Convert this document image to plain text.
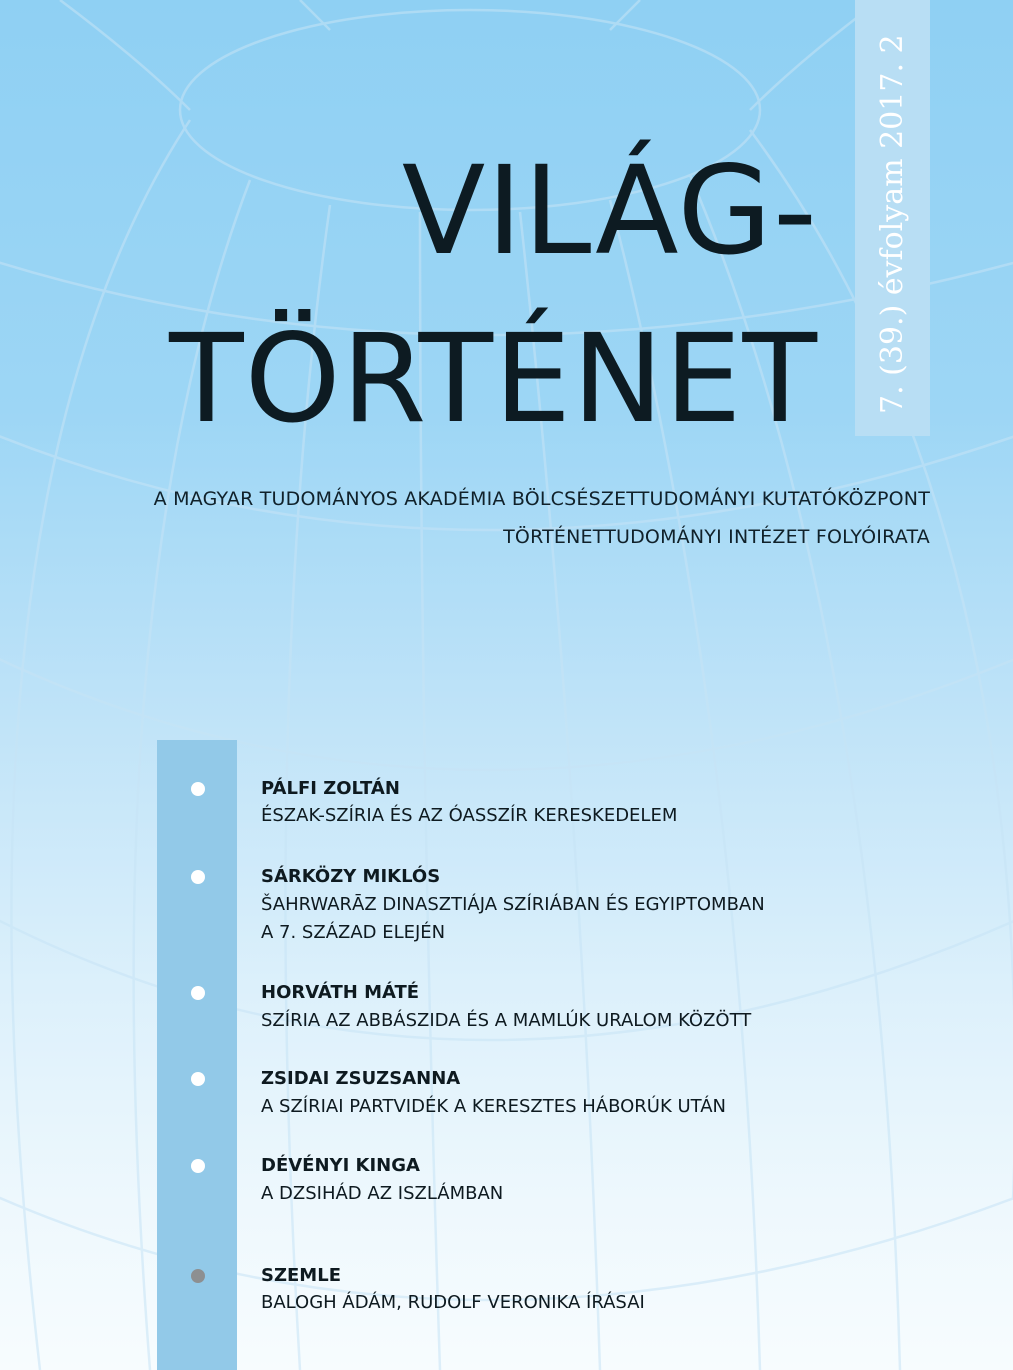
7. (39.) évfolyam 2017. 2
VILÁG-
TÖRTÉNET
A MAGYAR TUDOMÁNYOS AKADÉMIA BÖLCSÉSZETTUDOMÁNYI KUTATÓKÖZPONT
TÖRTÉNETTUDOMÁNYI INTÉZET FOLYÓIRATA
PÁLFI ZOLTÁN
ÉSZAK-SZÍRIA ÉS AZ ÓASSZÍR KERESKEDELEM
SÁRKÖZY MIKLÓS
ŠAHRWARĀZ DINASZTIÁJA SZÍRIÁBAN ÉS EGYIPTOMBAN
A 7. SZÁZAD ELEJÉN
HORVÁTH MÁTÉ
SZÍRIA AZ ABBÁSZIDA ÉS A MAMLÚK URALOM KÖZÖTT
ZSIDAI ZSUZSANNA
A SZÍRIAI PARTVIDÉK A KERESZTES HÁBORÚK UTÁN
DÉVÉNYI KINGA
A DZSIHÁD AZ ISZLÁMBAN
SZEMLE
BALOGH ÁDÁM, RUDOLF VERONIKA ÍRÁSAI
